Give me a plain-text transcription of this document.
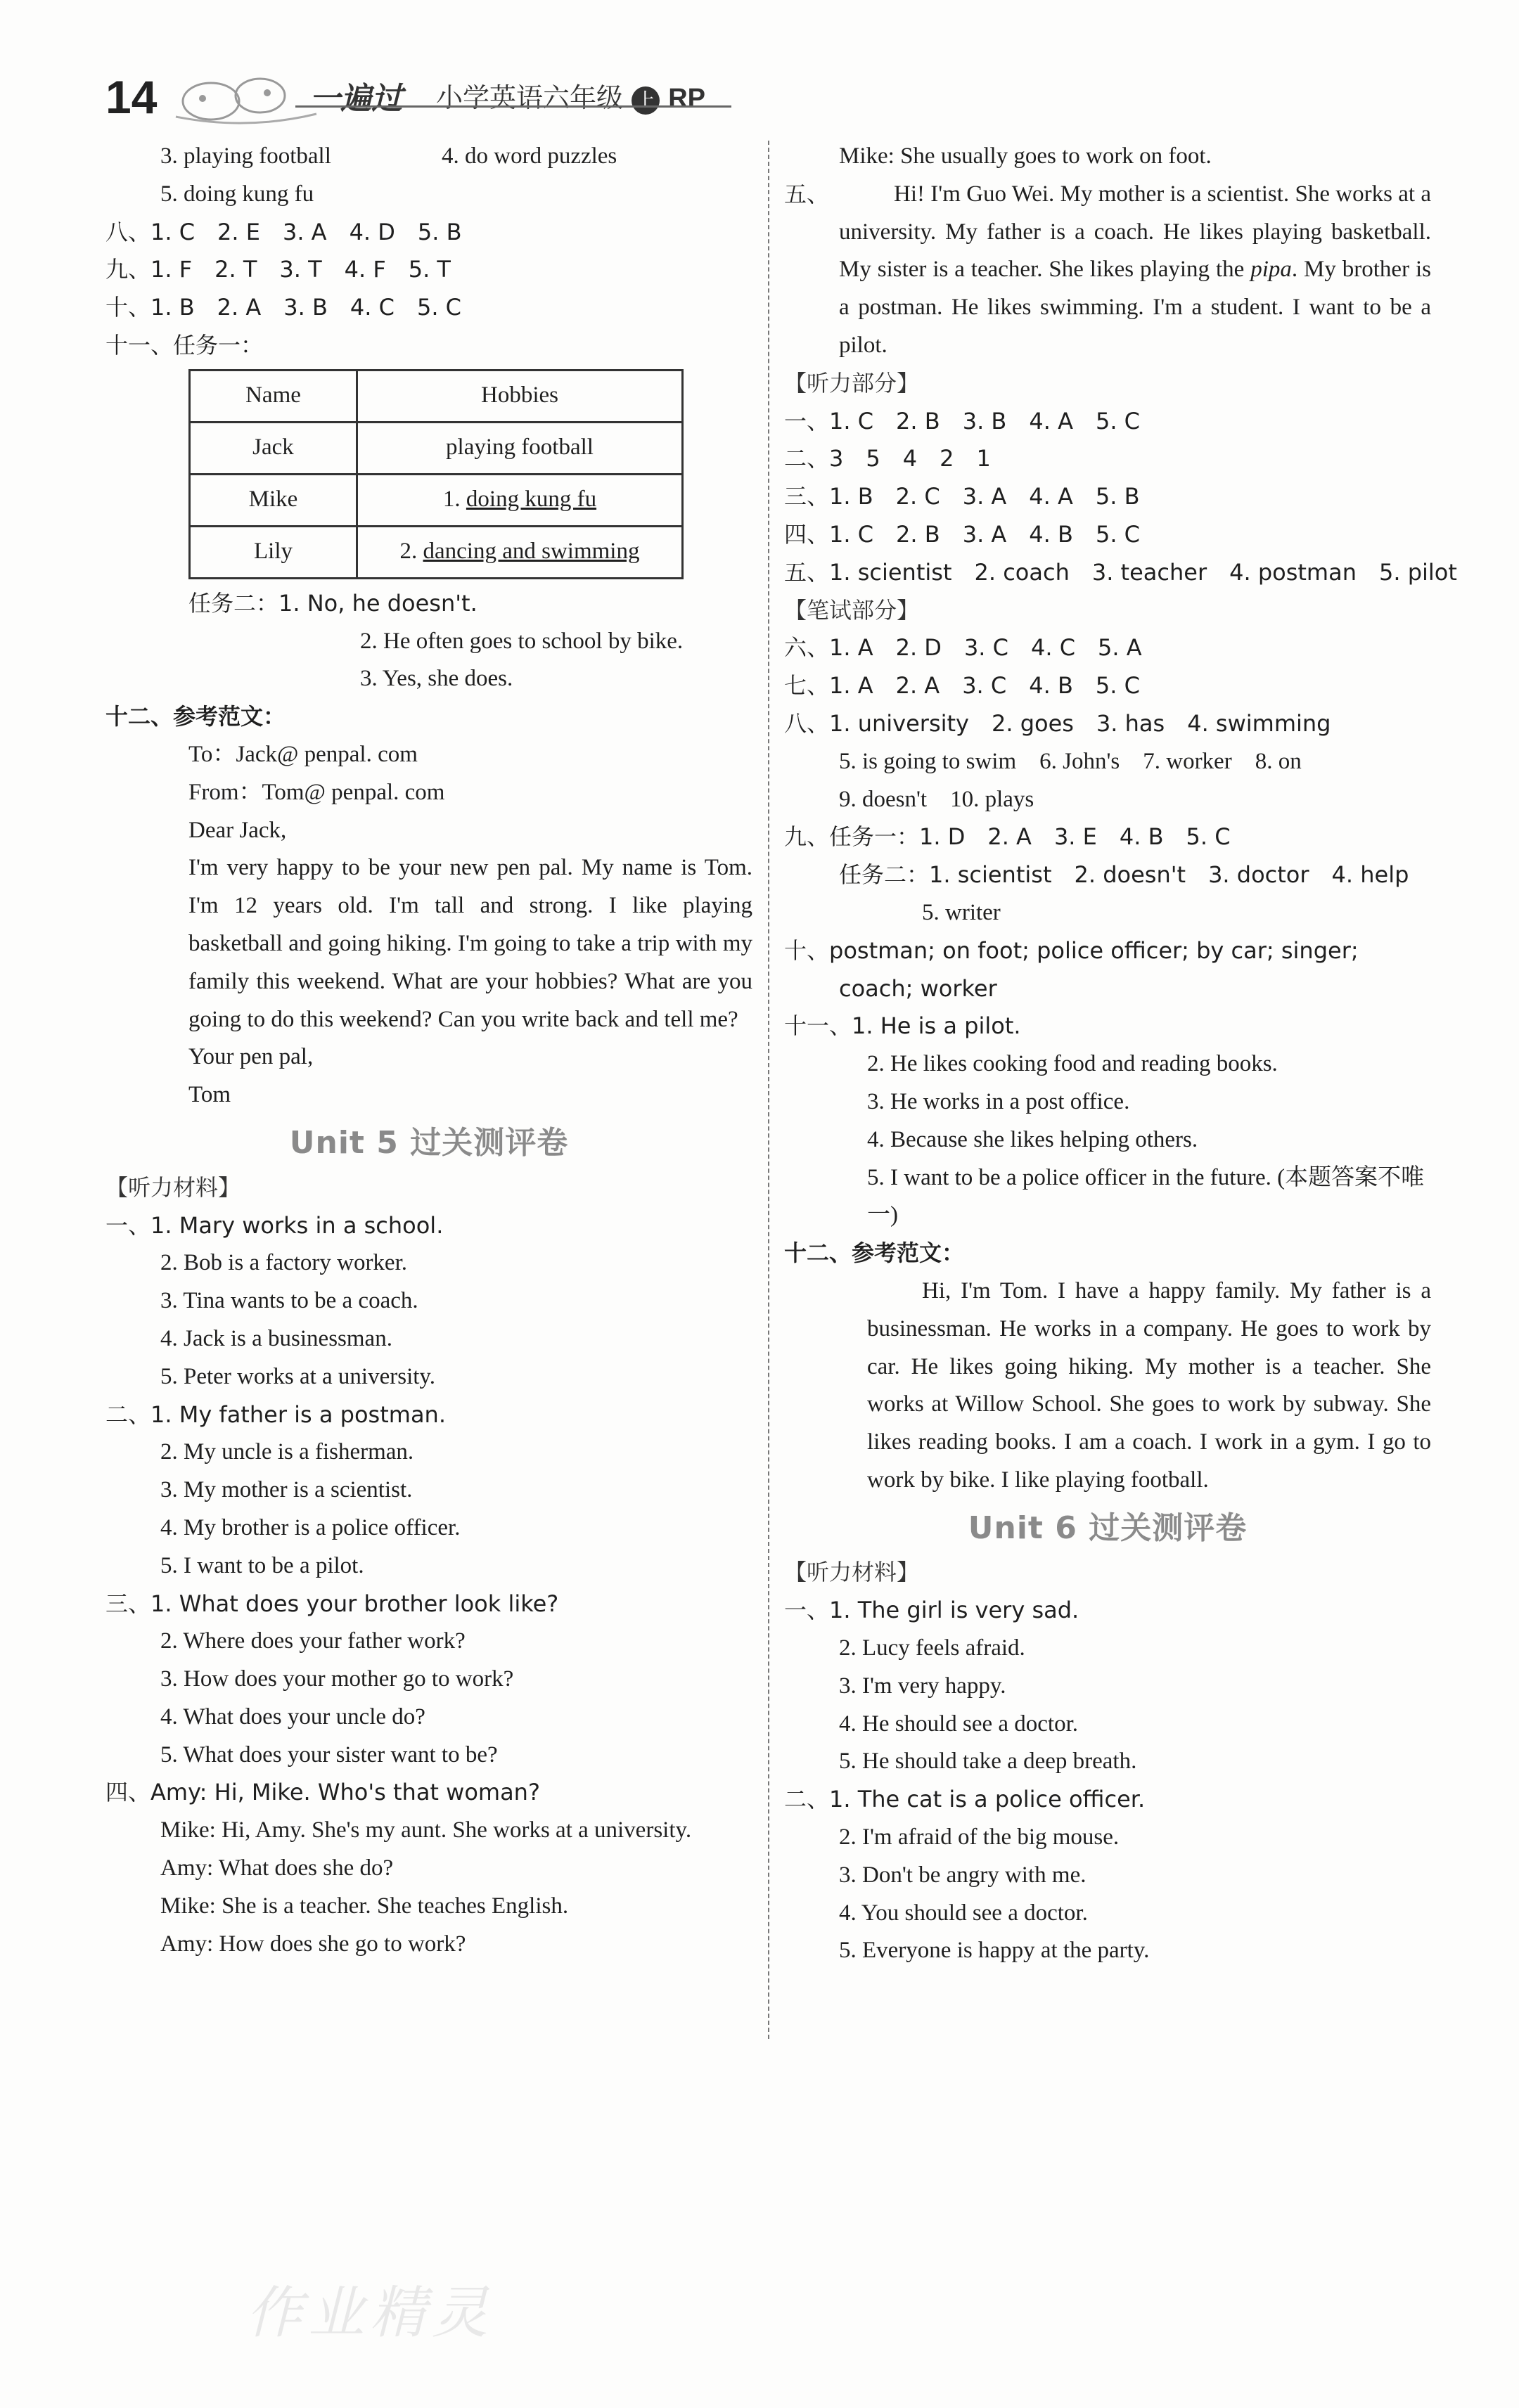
14	一遍过 小学英语六年级 上 RP
3. playing football	4. do word puzzles
5. doing kung fu
八、1. C　2. E　3. A　4. D　5. B
九、1. F　2. T　3. T　4. F　5. T
十、1. B　2. A　3. B　4. C　5. C
十一、任务一：
Name	Hobbies
Jack	playing football
Mike	1. doing kung fu
Lily	2. dancing and swimming
任务二：1. No, he doesn't.
2. He often goes to school by bike.
3. Yes, she does.
十二、参考范文：
To：Jack@ penpal. com
From：Tom@ penpal. com
Dear Jack,
I'm very happy to be your new pen pal. My name is Tom. I'm 12 years old. I'm tall and strong. I like playing basketball and going hiking. I'm going to take a trip with my family this weekend. What are your hobbies? What are you going to do this weekend? Can you write back and tell me?
Your pen pal,
Tom
Unit 5 过关测评卷
【听力材料】
一、1. Mary works in a school.
2. Bob is a factory worker.
3. Tina wants to be a coach.
4. Jack is a businessman.
5. Peter works at a university.
二、1. My father is a postman.
2. My uncle is a fisherman.
3. My mother is a scientist.
4. My brother is a police officer.
5. I want to be a pilot.
三、1. What does your brother look like?
2. Where does your father work?
3. How does your mother go to work?
4. What does your uncle do?
5. What does your sister want to be?
四、Amy: Hi, Mike. Who's that woman?
Mike: Hi, Amy. She's my aunt. She works at a university.
Amy: What does she do?
Mike: She is a teacher. She teaches English.
Amy: How does she go to work?
Mike: She usually goes to work on foot.
五、	Hi! I'm Guo Wei. My mother is a scientist. She works at a university. My father is a coach. He likes playing basketball. My sister is a teacher. She likes playing the pipa. My brother is a postman. He likes swimming. I'm a student. I want to be a pilot.
【听力部分】
一、1. C　2. B　3. B　4. A　5. C
二、3　5　4　2　1
三、1. B　2. C　3. A　4. A　5. B
四、1. C　2. B　3. A　4. B　5. C
五、1. scientist　2. coach　3. teacher　4. postman　5. pilot
【笔试部分】
六、1. A　2. D　3. C　4. C　5. A
七、1. A　2. A　3. C　4. B　5. C
八、1. university　2. goes　3. has　4. swimming
5. is going to swim　6. John's　7. worker　8. on
9. doesn't　10. plays
九、任务一：1. D　2. A　3. E　4. B　5. C
任务二：1. scientist　2. doesn't　3. doctor　4. help
5. writer
十、postman; on foot; police officer; by car; singer; coach; worker
十一、1. He is a pilot.
2. He likes cooking food and reading books.
3. He works in a post office.
4. Because she likes helping others.
5. I want to be a police officer in the future. (本题答案不唯一)
十二、参考范文：
Hi, I'm Tom. I have a happy family. My father is a businessman. He works in a company. He goes to work by car. He likes going hiking. My mother is a teacher. She works at Willow School. She goes to work by subway. She likes reading books. I am a coach. I work in a gym. I go to work by bike. I like playing football.
Unit 6 过关测评卷
【听力材料】
一、1. The girl is very sad.
2. Lucy feels afraid.
3. I'm very happy.
4. He should see a doctor.
5. He should take a deep breath.
二、1. The cat is a police officer.
2. I'm afraid of the big mouse.
3. Don't be angry with me.
4. You should see a doctor.
5. Everyone is happy at the party.
作业精灵
